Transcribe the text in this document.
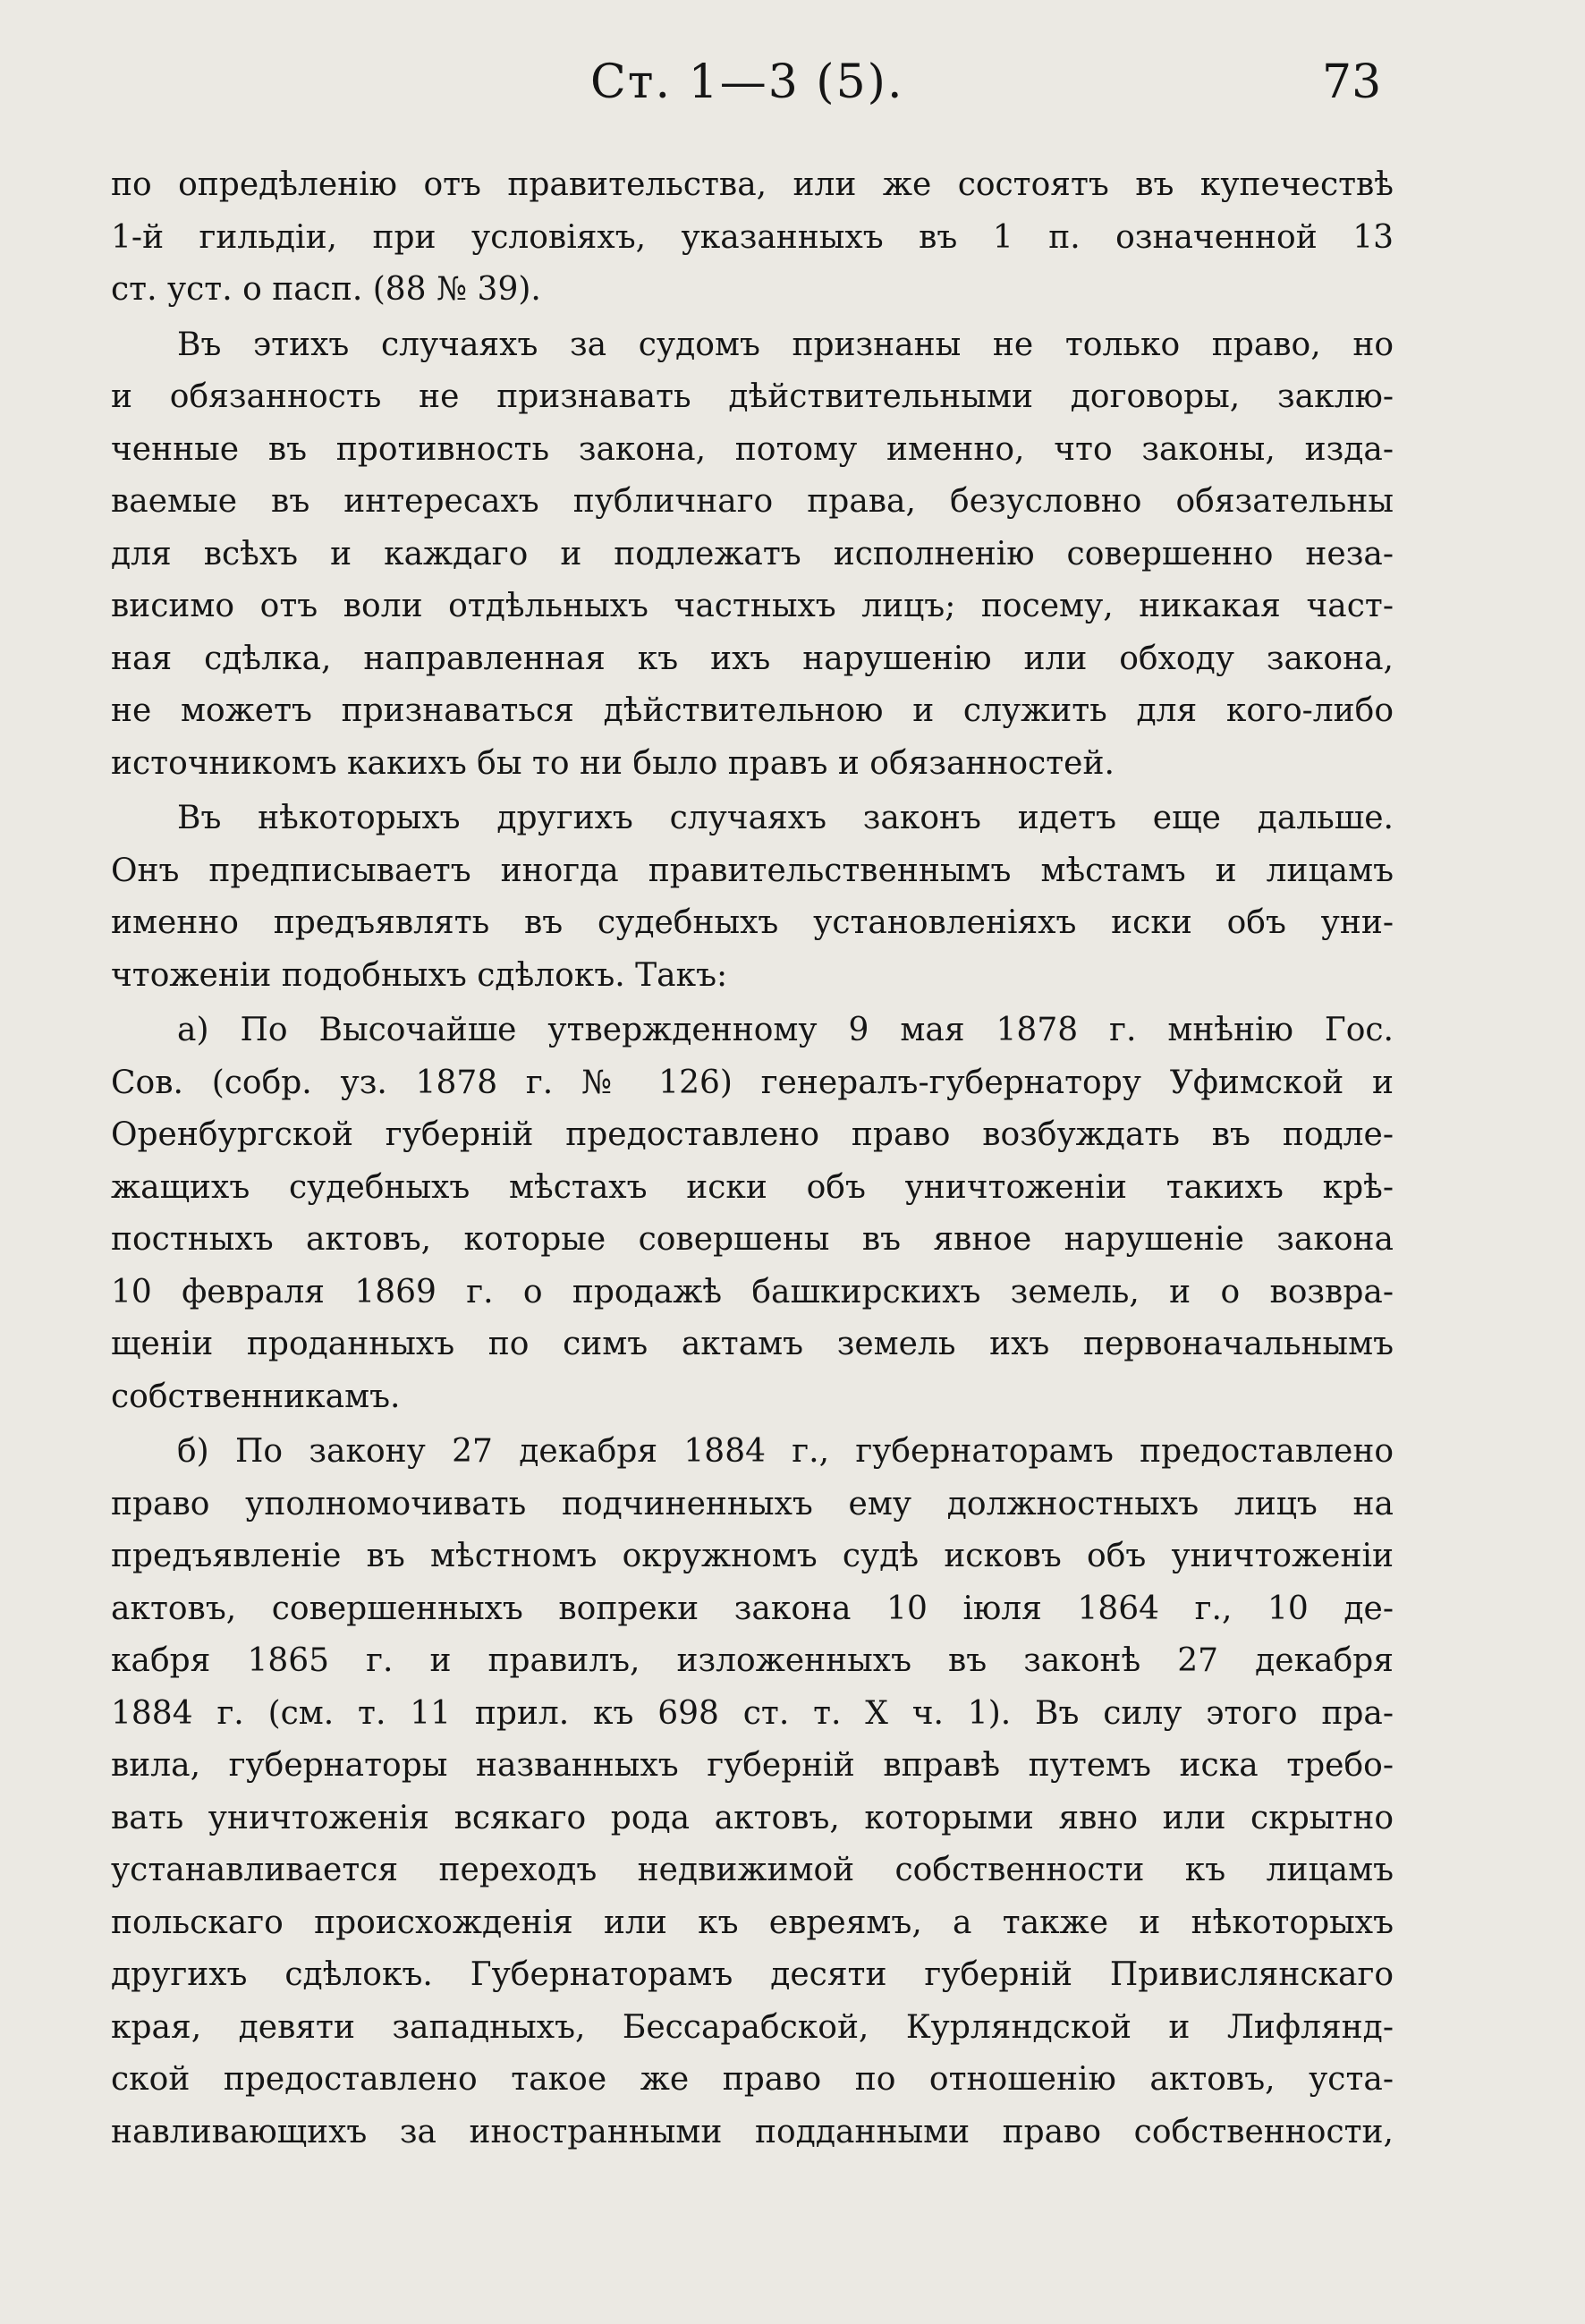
Ст. 1—3 (5).	73
по опредѣленію отъ правительства, или же состоятъ въ купечествѣ
1-й гильдіи, при условіяхъ, указанныхъ въ 1 п. означенной 13
ст. уст. о пасп. (88 № 39).
Въ этихъ случаяхъ за судомъ признаны не только право, но
и обязанность не признавать дѣйствительными договоры, заклю-
ченные въ противность закона, потому именно, что законы, изда-
ваемые въ интересахъ публичнаго права, безусловно обязательны
для всѣхъ и каждаго и подлежатъ исполненію совершенно неза-
висимо отъ воли отдѣльныхъ частныхъ лицъ; посему, никакая част-
ная сдѣлка, направленная къ ихъ нарушенію или обходу закона,
не можетъ признаваться дѣйствительною и служить для кого-либо
источникомъ какихъ бы то ни было правъ и обязанностей.
Въ нѣкоторыхъ другихъ случаяхъ законъ идетъ еще дальше.
Онъ предписываетъ иногда правительственнымъ мѣстамъ и лицамъ
именно предъявлять въ судебныхъ установленіяхъ иски объ уни-
чтоженіи подобныхъ сдѣлокъ. Такъ:
а) По Высочайше утвержденному 9 мая 1878 г. мнѣнію Гос.
Сов. (собр. уз. 1878 г. № 126) генералъ-губернатору Уфимской и
Оренбургской губерній предоставлено право возбуждать въ подле-
жащихъ судебныхъ мѣстахъ иски объ уничтоженіи такихъ крѣ-
постныхъ актовъ, которые совершены въ явное нарушеніе закона
10 февраля 1869 г. о продажѣ башкирскихъ земель, и о возвра-
щеніи проданныхъ по симъ актамъ земель ихъ первоначальнымъ
собственникамъ.
б) По закону 27 декабря 1884 г., губернаторамъ предоставлено
право уполномочивать подчиненныхъ ему должностныхъ лицъ на
предъявленіе въ мѣстномъ окружномъ судѣ исковъ объ уничтоженіи
актовъ, совершенныхъ вопреки закона 10 іюля 1864 г., 10 де-
кабря 1865 г. и правилъ, изложенныхъ въ законѣ 27 декабря
1884 г. (см. т. 11 прил. къ 698 ст. т. X ч. 1). Въ силу этого пра-
вила, губернаторы названныхъ губерній вправѣ путемъ иска требо-
вать уничтоженія всякаго рода актовъ, которыми явно или скрытно
устанавливается переходъ недвижимой собственности къ лицамъ
польскаго происхожденія или къ евреямъ, а также и нѣкоторыхъ
другихъ сдѣлокъ. Губернаторамъ десяти губерній Привислянскаго
края, девяти западныхъ, Бессарабской, Курляндской и Лифлянд-
ской предоставлено такое же право по отношенію актовъ, уста-
навливающихъ за иностранными подданными право собственности,
